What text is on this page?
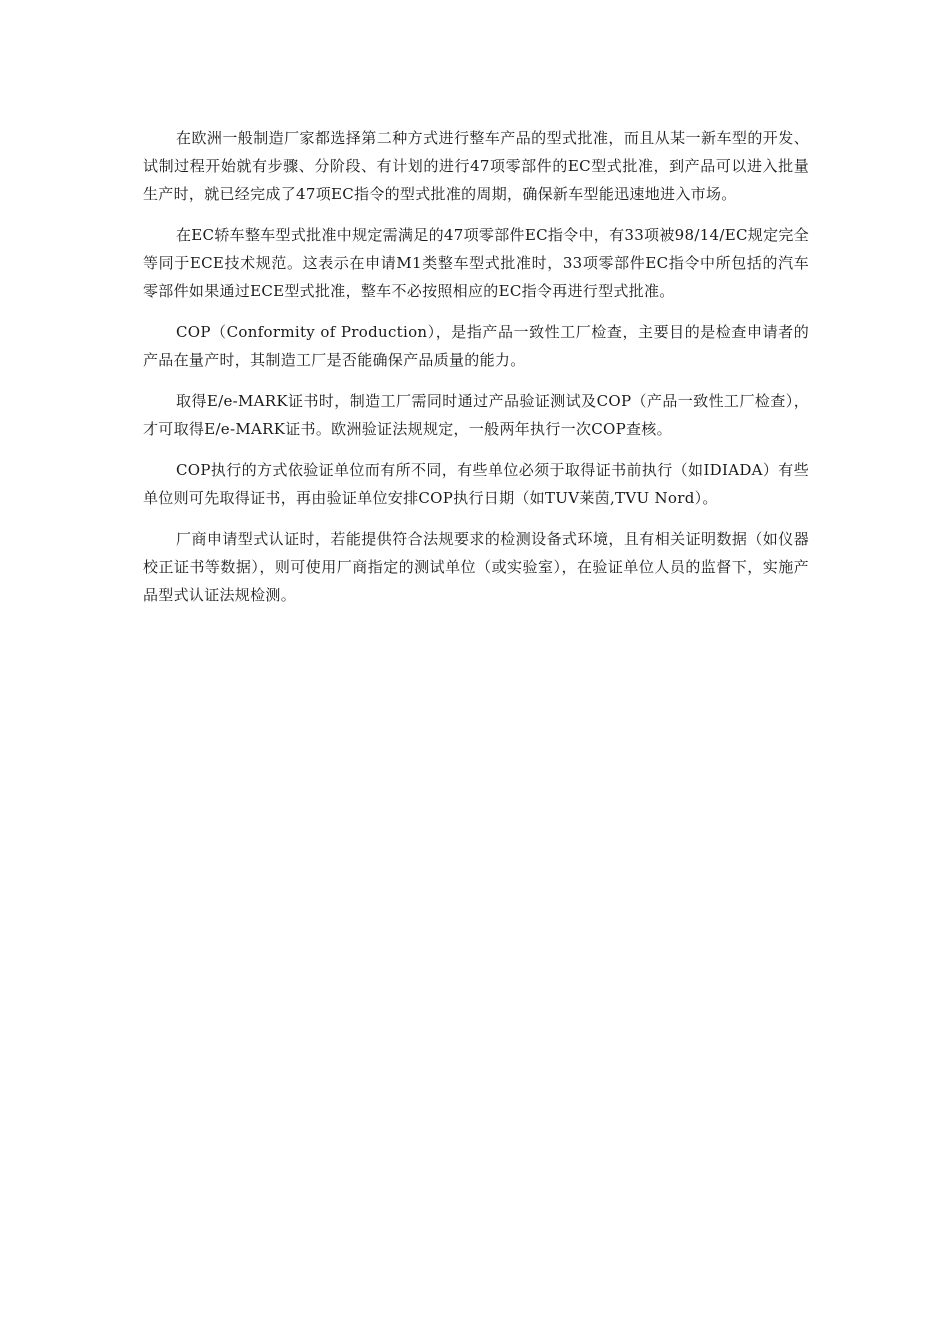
在欧洲一般制造厂家都选择第二种方式进行整车产品的型式批准，而且从某一新车型的开发、试制过程开始就有步骤、分阶段、有计划的进行47项零部件的EC型式批准，到产品可以进入批量生产时，就已经完成了47项EC指令的型式批准的周期，确保新车型能迅速地进入市场。

在EC轿车整车型式批准中规定需满足的47项零部件EC指令中，有33项被98/14/EC规定完全等同于ECE技术规范。这表示在申请M1类整车型式批准时，33项零部件EC指令中所包括的汽车零部件如果通过ECE型式批准，整车不必按照相应的EC指令再进行型式批准。

COP（Conformity of Production），是指产品一致性工厂检查，主要目的是检查申请者的产品在量产时，其制造工厂是否能确保产品质量的能力。

取得E/e-MARK证书时，制造工厂需同时通过产品验证测试及COP（产品一致性工厂检查），才可取得E/e-MARK证书。欧洲验证法规规定，一般两年执行一次COP查核。

COP执行的方式依验证单位而有所不同，有些单位必须于取得证书前执行（如IDIADA）有些单位则可先取得证书，再由验证单位安排COP执行日期（如TUV莱茵,TVU Nord）。

厂商申请型式认证时，若能提供符合法规要求的检测设备式环境，且有相关证明数据（如仪器校正证书等数据），则可使用厂商指定的测试单位（或实验室），在验证单位人员的监督下，实施产品型式认证法规检测。
